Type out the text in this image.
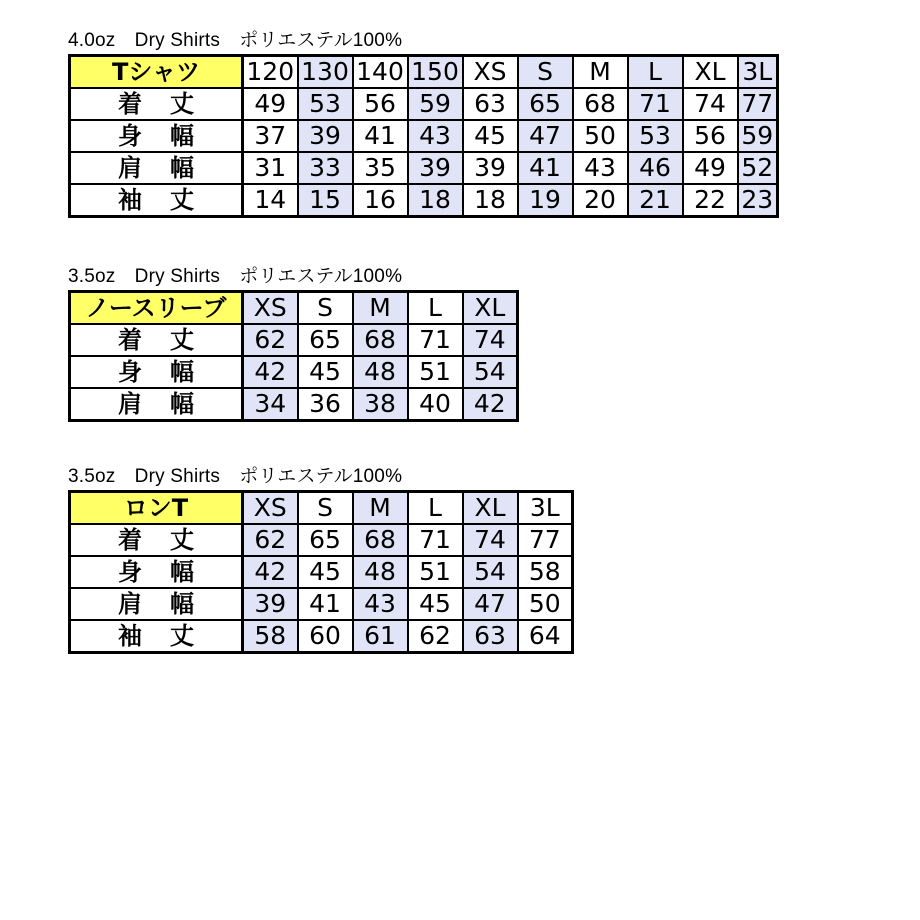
4.0oz　Dry Shirts　ポリエステル100%
Tシャツ	120	130	140	150	XS	S	M	L	XL	3L
着丈	49	53	56	59	63	65	68	71	74	77
身幅	37	39	41	43	45	47	50	53	56	59
肩幅	31	33	35	39	39	41	43	46	49	52
袖丈	14	15	16	18	18	19	20	21	22	23
3.5oz　Dry Shirts　ポリエステル100%
ノースリーブ	XS	S	M	L	XL
着丈	62	65	68	71	74
身幅	42	45	48	51	54
肩幅	34	36	38	40	42
3.5oz　Dry Shirts　ポリエステル100%
ロンT	XS	S	M	L	XL	3L
着丈	62	65	68	71	74	77
身幅	42	45	48	51	54	58
肩幅	39	41	43	45	47	50
袖丈	58	60	61	62	63	64
